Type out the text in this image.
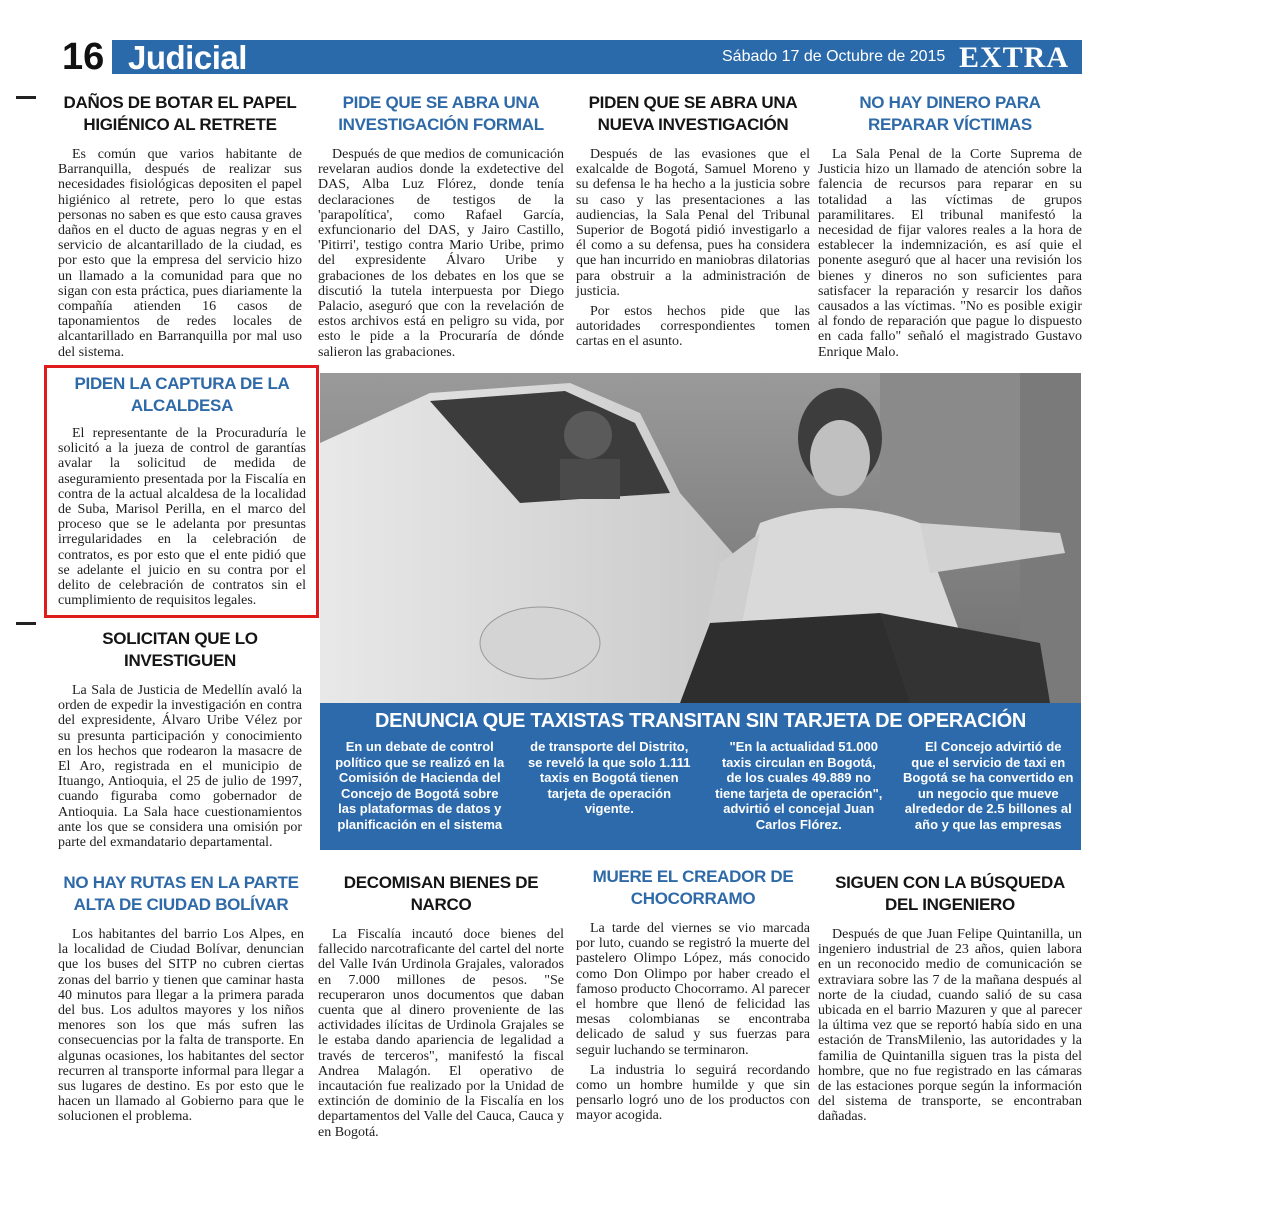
16 Judicial	Sábado 17 de Octubre de 2015 EXTRA
DAÑOS DE BOTAR EL PAPEL HIGIÉNICO AL RETRETE

Es común que varios habitante de Barranquilla, después de realizar sus necesidades fisiológicas depositen el papel higiénico al retrete, pero lo que estas personas no saben es que esto causa graves daños en el ducto de aguas negras y en el servicio de alcantarillado de la ciudad, es por esto que la empresa del servicio hizo un llamado a la comunidad para que no sigan con esta práctica, pues diariamente la compañía atienden 16 casos de taponamientos de redes locales de alcantarillado en Barranquilla por mal uso del sistema.

PIDE QUE SE ABRA UNA INVESTIGACIÓN FORMAL

Después de que medios de comunicación revelaran audios donde la exdetective del DAS, Alba Luz Flórez, donde tenía declaraciones de testigos de la 'parapolítica', como Rafael García, exfuncionario del DAS, y Jairo Castillo, 'Pitirri', testigo contra Mario Uribe, primo del expresidente Álvaro Uribe y grabaciones de los debates en los que se discutió la tutela interpuesta por Diego Palacio, aseguró que con la revelación de estos archivos está en peligro su vida, por esto le pide a la Procuraría de dónde salieron las grabaciones.

PIDEN QUE SE ABRA UNA NUEVA INVESTIGACIÓN

Después de las evasiones que el exalcalde de Bogotá, Samuel Moreno y su defensa le ha hecho a la justicia sobre su caso y las presentaciones a las audiencias, la Sala Penal del Tribunal Superior de Bogotá pidió investigarlo a él como a su defensa, pues ha considera que han incurrido en maniobras dilatorias para obstruir a la administración de justicia.

Por estos hechos pide que las autoridades correspondientes tomen cartas en el asunto.

NO HAY DINERO PARA REPARAR VÍCTIMAS

La Sala Penal de la Corte Suprema de Justicia hizo un llamado de atención sobre la falencia de recursos para reparar en su totalidad a las víctimas de grupos paramilitares. El tribunal manifestó la necesidad de fijar valores reales a la hora de establecer la indemnización, es así quie el ponente aseguró que al hacer una revisión los bienes y dineros no son suficientes para satisfacer la reparación y resarcir los daños causados a las víctimas. "No es posible exigir al fondo de reparación que pague lo dispuesto en cada fallo" señaló el magistrado Gustavo Enrique Malo.

PIDEN LA CAPTURA DE LA ALCALDESA

El representante de la Procuraduría le solicitó a la jueza de control de garantías avalar la solicitud de medida de aseguramiento presentada por la Fiscalía en contra de la actual alcaldesa de la localidad de Suba, Marisol Perilla, en el marco del proceso que se le adelanta por presuntas irregularidades en la celebración de contratos, es por esto que el ente pidió que se adelante el juicio en su contra por el delito de celebración de contratos sin el cumplimiento de requisitos legales.

SOLICITAN QUE LO INVESTIGUEN

La Sala de Justicia de Medellín avaló la orden de expedir la investigación en contra del expresidente, Álvaro Uribe Vélez por su presunta participación y conocimiento en los hechos que rodearon la masacre de El Aro, registrada en el municipio de Ituango, Antioquia, el 25 de julio de 1997, cuando figuraba como gobernador de Antioquia. La Sala hace cuestionamientos ante los que se considera una omisión por parte del exmandatario departamental.

DENUNCIA QUE TAXISTAS TRANSITAN SIN TARJETA DE OPERACIÓN

En un debate de control político que se realizó en la Comisión de Hacienda del Concejo de Bogotá sobre las plataformas de datos y planificación en el sistema de transporte del Distrito, se reveló la que solo 1.111 taxis en Bogotá tienen tarjeta de operación vigente.

"En la actualidad 51.000 taxis circulan en Bogotá, de los cuales 49.889 no tiene tarjeta de operación", advirtió el concejal Juan Carlos Flórez.

El Concejo advirtió de que el servicio de taxi en Bogotá se ha convertido en un negocio que mueve alrededor de 2.5 billones al año y que las empresas afiliadoras y otros intermediarios se quedan con la mayoría del dinero que mueve este sector.

NO HAY RUTAS EN LA PARTE ALTA DE CIUDAD BOLÍVAR

Los habitantes del barrio Los Alpes, en la localidad de Ciudad Bolívar, denuncian que los buses del SITP no cubren ciertas zonas del barrio y tienen que caminar hasta 40 minutos para llegar a la primera parada del bus. Los adultos mayores y los niños menores son los que más sufren las consecuencias por la falta de transporte. En algunas ocasiones, los habitantes del sector recurren al transporte informal para llegar a sus lugares de destino. Es por esto que le hacen un llamado al Gobierno para que le solucionen el problema.

DECOMISAN BIENES DE NARCO

La Fiscalía incautó doce bienes del fallecido narcotraficante del cartel del norte del Valle Iván Urdinola Grajales, valorados en 7.000 millones de pesos. "Se recuperaron unos documentos que daban cuenta que al dinero proveniente de las actividades ilícitas de Urdinola Grajales se le estaba dando apariencia de legalidad a través de terceros", manifestó la fiscal Andrea Malagón. El operativo de incautación fue realizado por la Unidad de extinción de dominio de la Fiscalía en los departamentos del Valle del Cauca, Cauca y en Bogotá.

MUERE EL CREADOR DE CHOCORRAMO

La tarde del viernes se vio marcada por luto, cuando se registró la muerte del pastelero Olimpo López, más conocido como Don Olimpo por haber creado el famoso producto Chocorramo. Al parecer el hombre que llenó de felicidad las mesas colombianas se encontraba delicado de salud y sus fuerzas para seguir luchando se terminaron.

La industria lo seguirá recordando como un hombre humilde y que sin pensarlo logró uno de los productos con mayor acogida.

SIGUEN CON LA BÚSQUEDA DEL INGENIERO

Después de que Juan Felipe Quintanilla, un ingeniero industrial de 23 años, quien labora en un reconocido medio de comunicación se extraviara sobre las 7 de la mañana después al norte de la ciudad, cuando salió de su casa ubicada en el barrio Mazuren y que al parecer la última vez que se reportó había sido en una estación de TransMilenio, las autoridades y la familia de Quintanilla siguen tras la pista del hombre, que no fue registrado en las cámaras de las estaciones porque según la información del sistema de transporte, se encontraban dañadas.
